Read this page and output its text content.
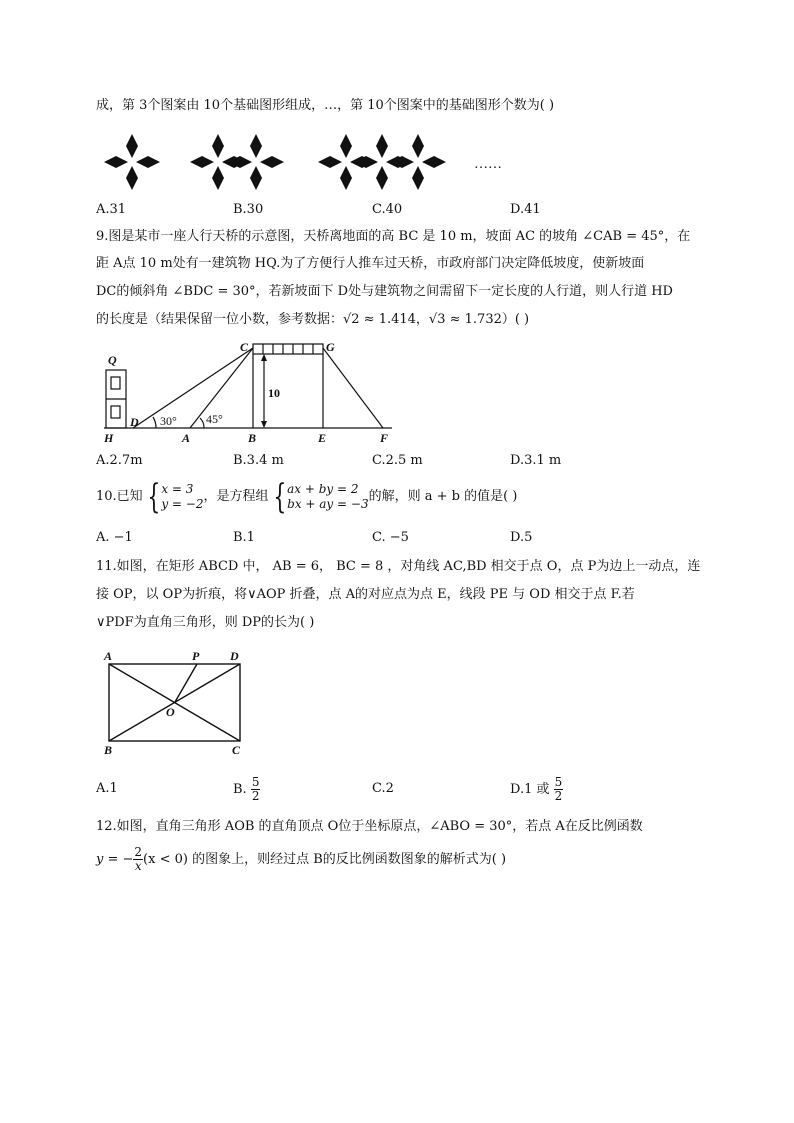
成，第 3个图案由 10个基础图形组成，…，第 10个图案中的基础图形个数为( )
……
A.31	B.30	C.40	D.41
9.图是某市一座人行天桥的示意图，天桥离地面的高 BC 是 10 m，坡面 AC 的坡角 ∠CAB = 45°，在
距 A点 10 m处有一建筑物 HQ.为了方便行人推车过天桥，市政府部门决定降低坡度，使新坡面
DC的倾斜角 ∠BDC = 30°，若新坡面下 D处与建筑物之间需留下一定长度的人行道，则人行道 HD
的长度是（结果保留一位小数，参考数据：√2 ≈ 1.414，√3 ≈ 1.732）( )
Q
C	G
D
H	A	B	E	F
10
30° 45°
A.2.7m	B.3.4 m	C.2.5 m	D.3.1 m
10.已知 { x = 3
y = −2 ，是方程组 { ax + by = 2
bx + ay = −3 的解，则 a + b 的值是( )
A. −1	B.1	C. −5	D.5
11.如图，在矩形 ABCD 中， AB = 6， BC = 8 ，对角线 AC,BD 相交于点 O，点 P为边上一动点，连
接 OP，以 OP为折痕，将∨AOP 折叠，点 A的对应点为点 E，线段 PE 与 OD 相交于点 F.若
∨PDF为直角三角形，则 DP的长为( )
A	P	D
O
B	C
A.1	B. $\frac{5}{2}$	C.2	D.1 或 $\frac{5}{2}$
12.如图，直角三角形 AOB 的直角顶点 O位于坐标原点，∠ABO = 30°，若点 A在反比例函数
y = − $\frac{2}{x} (x < 0)$ 的图象上，则经过点 B的反比例函数图象的解析式为( )
